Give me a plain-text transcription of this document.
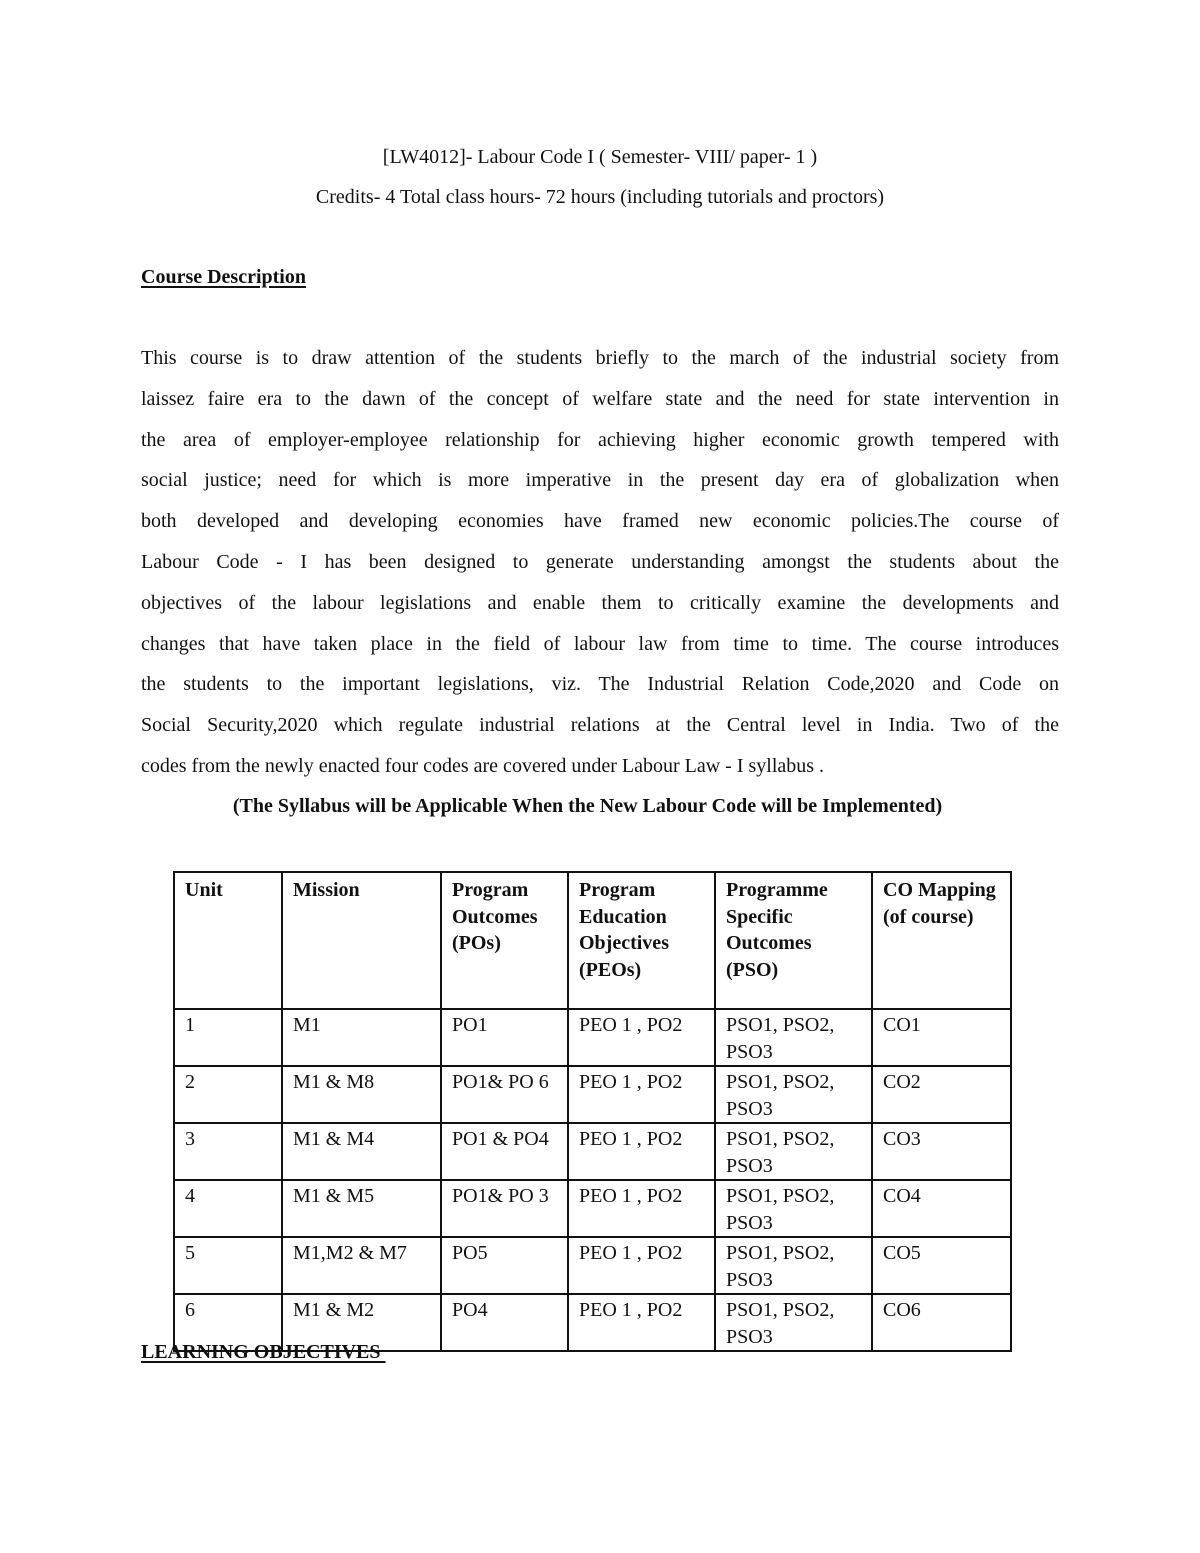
[LW4012]- Labour Code I ( Semester- VIII/ paper- 1 )
Credits- 4 Total class hours- 72 hours (including tutorials and proctors)
Course Description
This course is to draw attention of the students briefly to the march of the industrial society from
laissez faire era to the dawn of the concept of welfare state and the need for state intervention in
the area of employer-employee relationship for achieving higher economic growth tempered with
social justice; need for which is more imperative in the present day era of globalization when
both developed and developing economies have framed new economic policies.The course of
Labour Code - I has been designed to generate understanding amongst the students about the
objectives of the labour legislations and enable them to critically examine the developments and
changes that have taken place in the field of labour law from time to time. The course introduces
the students to the important legislations, viz. The Industrial Relation Code,2020 and Code on
Social Security,2020 which regulate industrial relations at the Central level in India. Two of the
codes from the newly enacted four codes are covered under Labour Law - I syllabus .
(The Syllabus will be Applicable When the New Labour Code will be Implemented)
Unit	Mission	Program Outcomes (POs)	Program Education Objectives (PEOs)	Programme Specific Outcomes (PSO)	CO Mapping (of course)
1	M1	PO1	PEO 1 , PO2	PSO1, PSO2, PSO3	CO1
2	M1 & M8	PO1& PO 6	PEO 1 , PO2	PSO1, PSO2, PSO3	CO2
3	M1 & M4	PO1 & PO4	PEO 1 , PO2	PSO1, PSO2, PSO3	CO3
4	M1 & M5	PO1& PO 3	PEO 1 , PO2	PSO1, PSO2, PSO3	CO4
5	M1,M2 & M7	PO5	PEO 1 , PO2	PSO1, PSO2, PSO3	CO5
6	M1 & M2	PO4	PEO 1 , PO2	PSO1, PSO2, PSO3	CO6
LEARNING OBJECTIVES
